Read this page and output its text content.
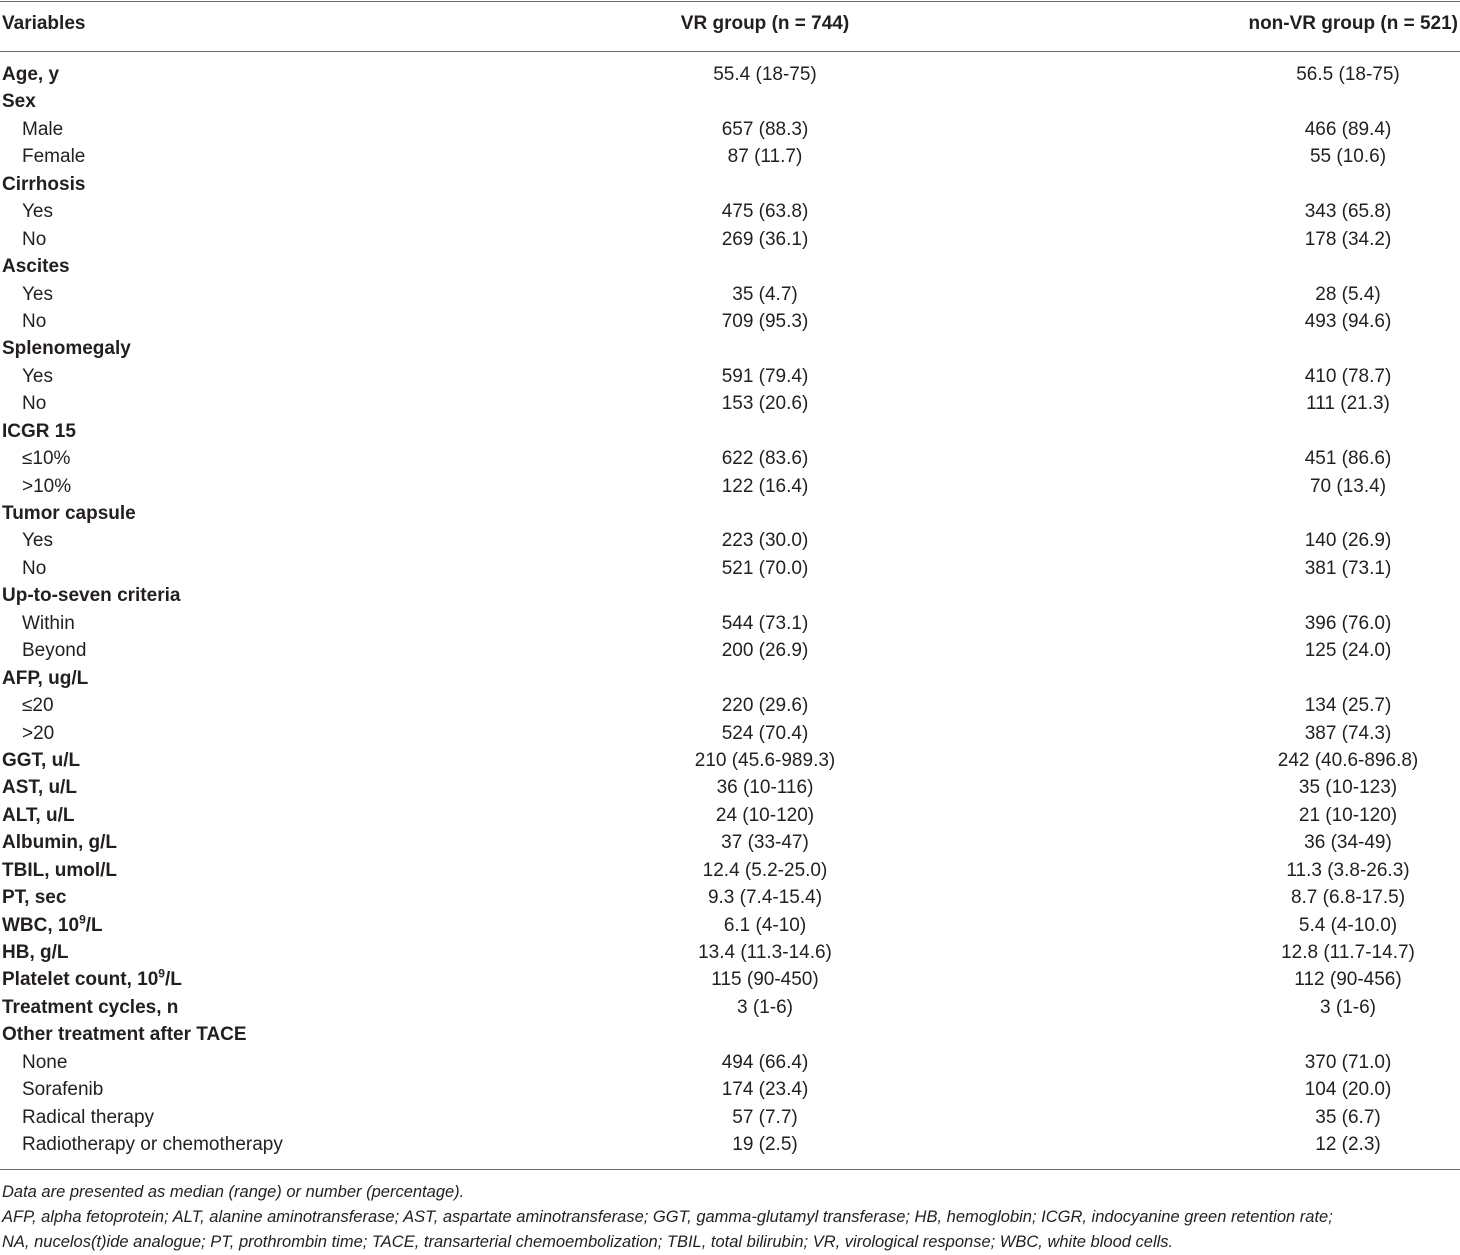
Variables	VR group (n = 744)	non-VR group (n = 521)
Age, y	55.4 (18-75)	56.5 (18-75)
Sex
Male	657 (88.3)	466 (89.4)
Female	87 (11.7)	55 (10.6)
Cirrhosis
Yes	475 (63.8)	343 (65.8)
No	269 (36.1)	178 (34.2)
Ascites
Yes	35 (4.7)	28 (5.4)
No	709 (95.3)	493 (94.6)
Splenomegaly
Yes	591 (79.4)	410 (78.7)
No	153 (20.6)	111 (21.3)
ICGR 15
≤10%	622 (83.6)	451 (86.6)
>10%	122 (16.4)	70 (13.4)
Tumor capsule
Yes	223 (30.0)	140 (26.9)
No	521 (70.0)	381 (73.1)
Up-to-seven criteria
Within	544 (73.1)	396 (76.0)
Beyond	200 (26.9)	125 (24.0)
AFP, ug/L
≤20	220 (29.6)	134 (25.7)
>20	524 (70.4)	387 (74.3)
GGT, u/L	210 (45.6-989.3)	242 (40.6-896.8)
AST, u/L	36 (10-116)	35 (10-123)
ALT, u/L	24 (10-120)	21 (10-120)
Albumin, g/L	37 (33-47)	36 (34-49)
TBIL, umol/L	12.4 (5.2-25.0)	11.3 (3.8-26.3)
PT, sec	9.3 (7.4-15.4)	8.7 (6.8-17.5)
WBC, $10^9/L$	6.1 (4-10)	5.4 (4-10.0)
HB, g/L	13.4 (11.3-14.6)	12.8 (11.7-14.7)
Platelet count, $10^9/L$	115 (90-450)	112 (90-456)
Treatment cycles, n	3 (1-6)	3 (1-6)
Other treatment after TACE
None	494 (66.4)	370 (71.0)
Sorafenib	174 (23.4)	104 (20.0)
Radical therapy	57 (7.7)	35 (6.7)
Radiotherapy or chemotherapy	19 (2.5)	12 (2.3)
Data are presented as median (range) or number (percentage).
AFP, alpha fetoprotein; ALT, alanine aminotransferase; AST, aspartate aminotransferase; GGT, gamma-glutamyl transferase; HB, hemoglobin; ICGR, indocyanine green retention rate;
NA, nucelos(t)ide analogue; PT, prothrombin time; TACE, transarterial chemoembolization; TBIL, total bilirubin; VR, virological response; WBC, white blood cells.
